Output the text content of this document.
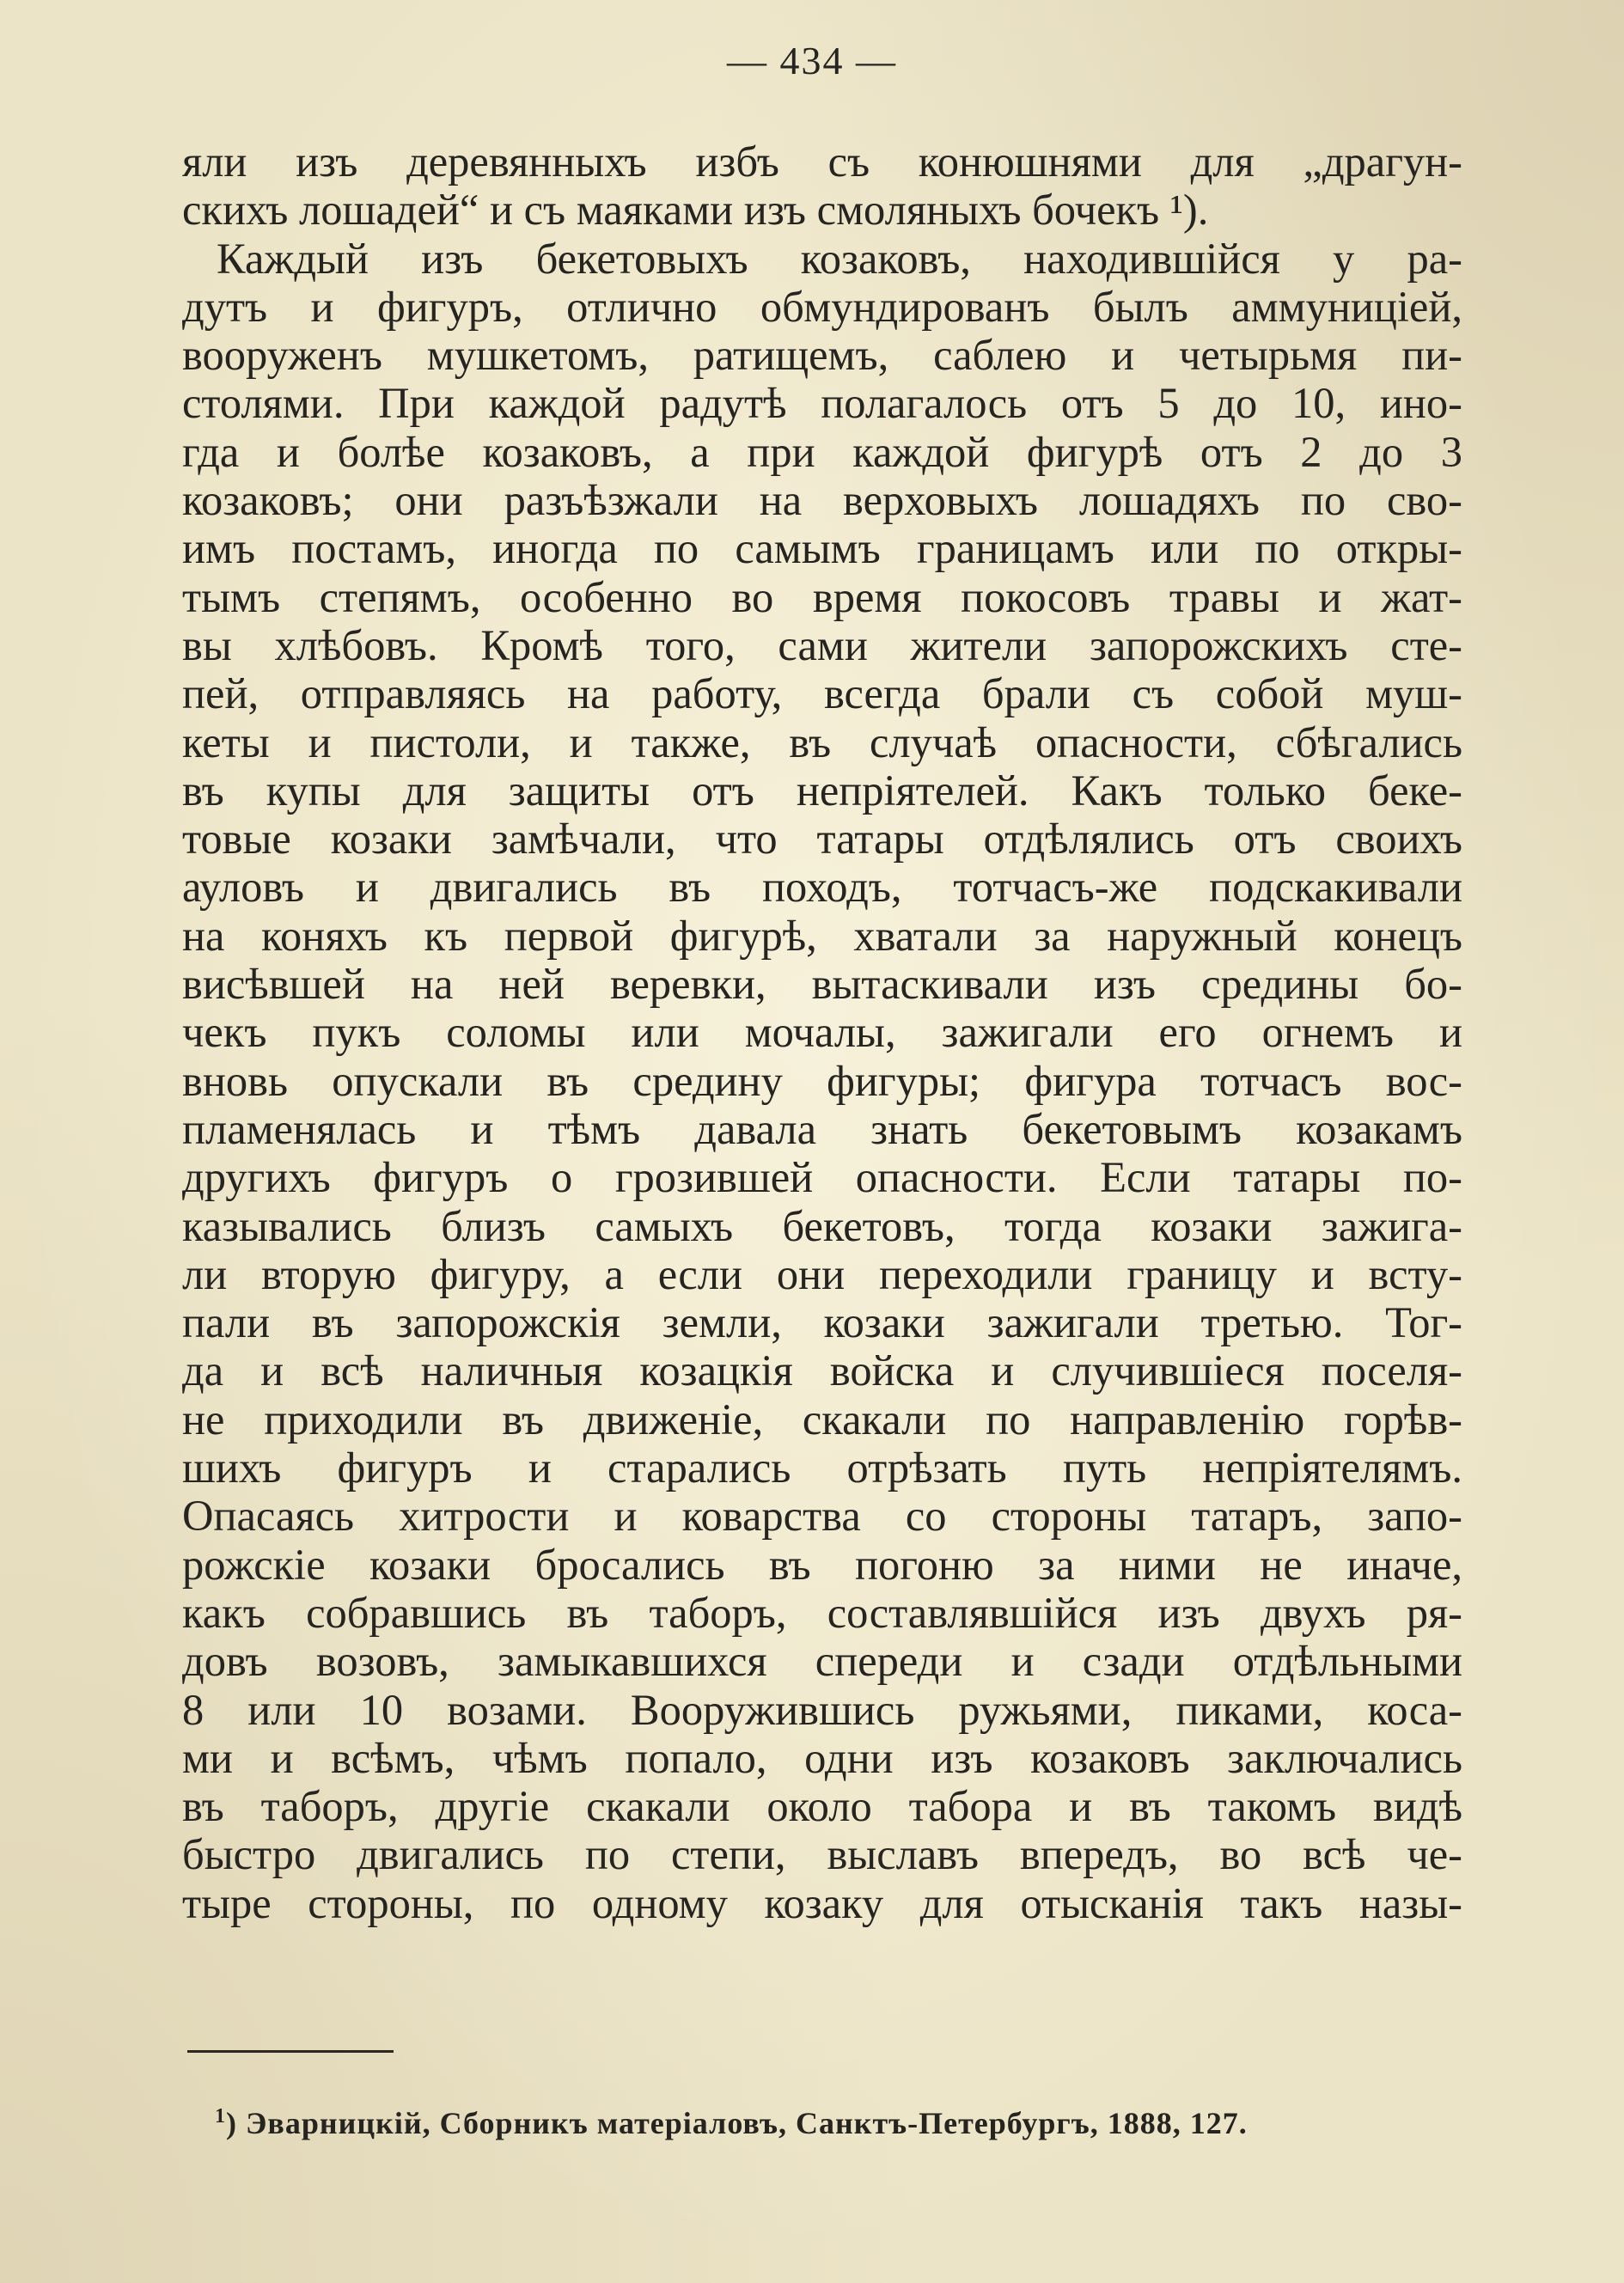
— 434 —
яли изъ деревянныхъ избъ съ конюшнями для „драгун-
скихъ лошадей“ и съ маяками изъ смоляныхъ бочекъ ¹).
Каждый изъ бекетовыхъ козаковъ, находившійся у ра-
дутъ и фигуръ, отлично обмундированъ былъ аммуниціей,
вооруженъ мушкетомъ, ратищемъ, саблею и четырьмя пи-
столями. При каждой радутѣ полагалось отъ 5 до 10, ино-
гда и болѣе козаковъ, а при каждой фигурѣ отъ 2 до 3
козаковъ; они разъѣзжали на верховыхъ лошадяхъ по сво-
имъ постамъ, иногда по самымъ границамъ или по откры-
тымъ степямъ, особенно во время покосовъ травы и жат-
вы хлѣбовъ. Кромѣ того, сами жители запорожскихъ сте-
пей, отправляясь на работу, всегда брали съ собой муш-
кеты и пистоли, и также, въ случаѣ опасности, сбѣгались
въ купы для защиты отъ непріятелей. Какъ только беке-
товые козаки замѣчали, что татары отдѣлялись отъ своихъ
ауловъ и двигались въ походъ, тотчасъ-же подскакивали
на коняхъ къ первой фигурѣ, хватали за наружный конецъ
висѣвшей на ней веревки, вытаскивали изъ средины бо-
чекъ пукъ соломы или мочалы, зажигали его огнемъ и
вновь опускали въ средину фигуры; фигура тотчасъ вос-
пламенялась и тѣмъ давала знать бекетовымъ козакамъ
другихъ фигуръ о грозившей опасности. Если татары по-
казывались близъ самыхъ бекетовъ, тогда козаки зажига-
ли вторую фигуру, а если они переходили границу и всту-
пали въ запорожскія земли, козаки зажигали третью. Тог-
да и всѣ наличныя козацкія войска и случившіеся поселя-
не приходили въ движеніе, скакали по направленію горѣв-
шихъ фигуръ и старались отрѣзать путь непріятелямъ.
Опасаясь хитрости и коварства со стороны татаръ, запо-
рожскіе козаки бросались въ погоню за ними не иначе,
какъ собравшись въ таборъ, составлявшійся изъ двухъ ря-
довъ возовъ, замыкавшихся спереди и сзади отдѣльными
8 или 10 возами. Вооружившись ружьями, пиками, коса-
ми и всѣмъ, чѣмъ попало, одни изъ козаковъ заключались
въ таборъ, другіе скакали около табора и въ такомъ видѣ
быстро двигались по степи, выславъ впередъ, во всѣ че-
тыре стороны, по одному козаку для отысканія такъ назы-
$^1$) Эварницкій, Сборникъ матеріаловъ, Санктъ-Петербургъ, 1888, 127.
